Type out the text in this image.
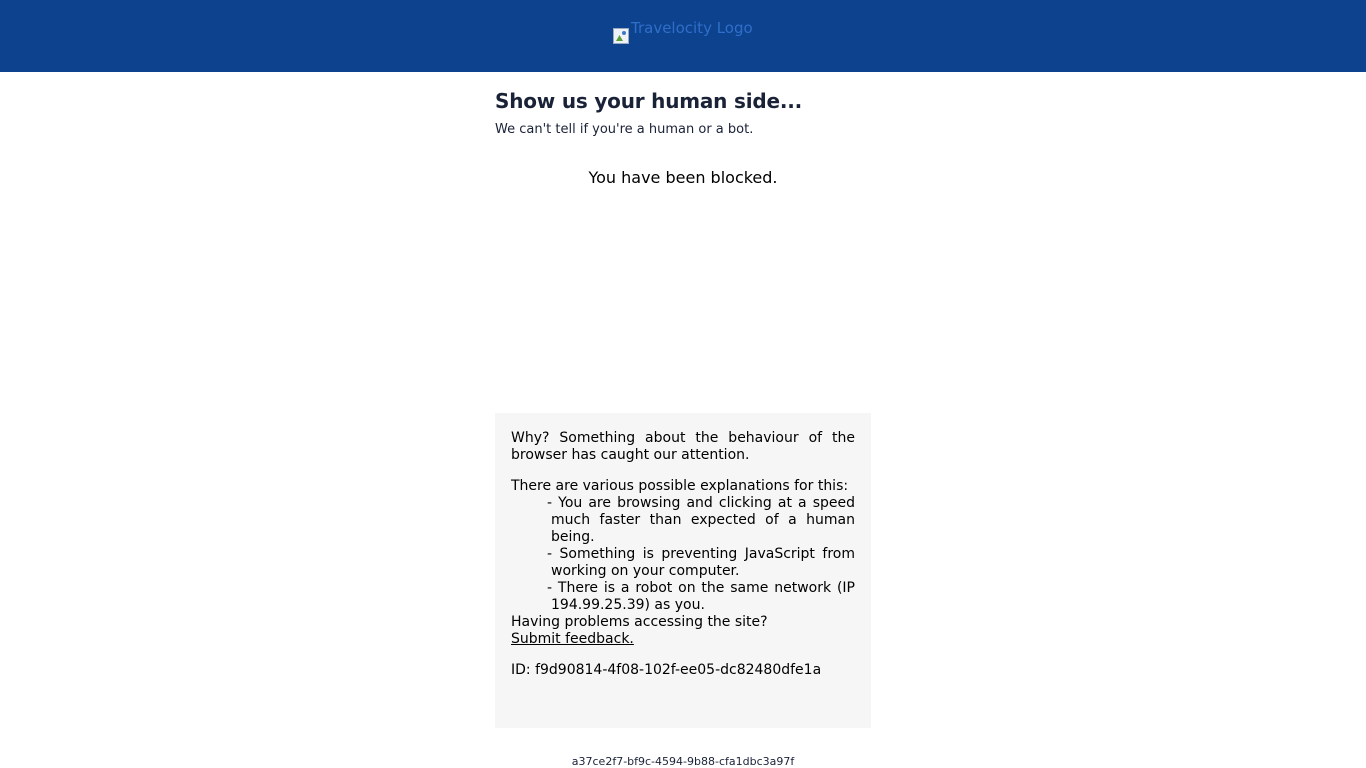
Travelocity Logo
Show us your human side...

We can't tell if you're a human or a bot.

You have been blocked.

Why? Something about the behaviour of the browser has caught our attention.

There are various possible explanations for this:

- You are browsing and clicking at a speed much faster than expected of a human being.
- Something is preventing JavaScript from working on your computer.
- There is a robot on the same network (IP 194.99.25.39) as you.

Having problems accessing the site?

Submit feedback.

ID: f9d90814-4f08-102f-ee05-dc82480dfe1a

a37ce2f7-bf9c-4594-9b88-cfa1dbc3a97f
